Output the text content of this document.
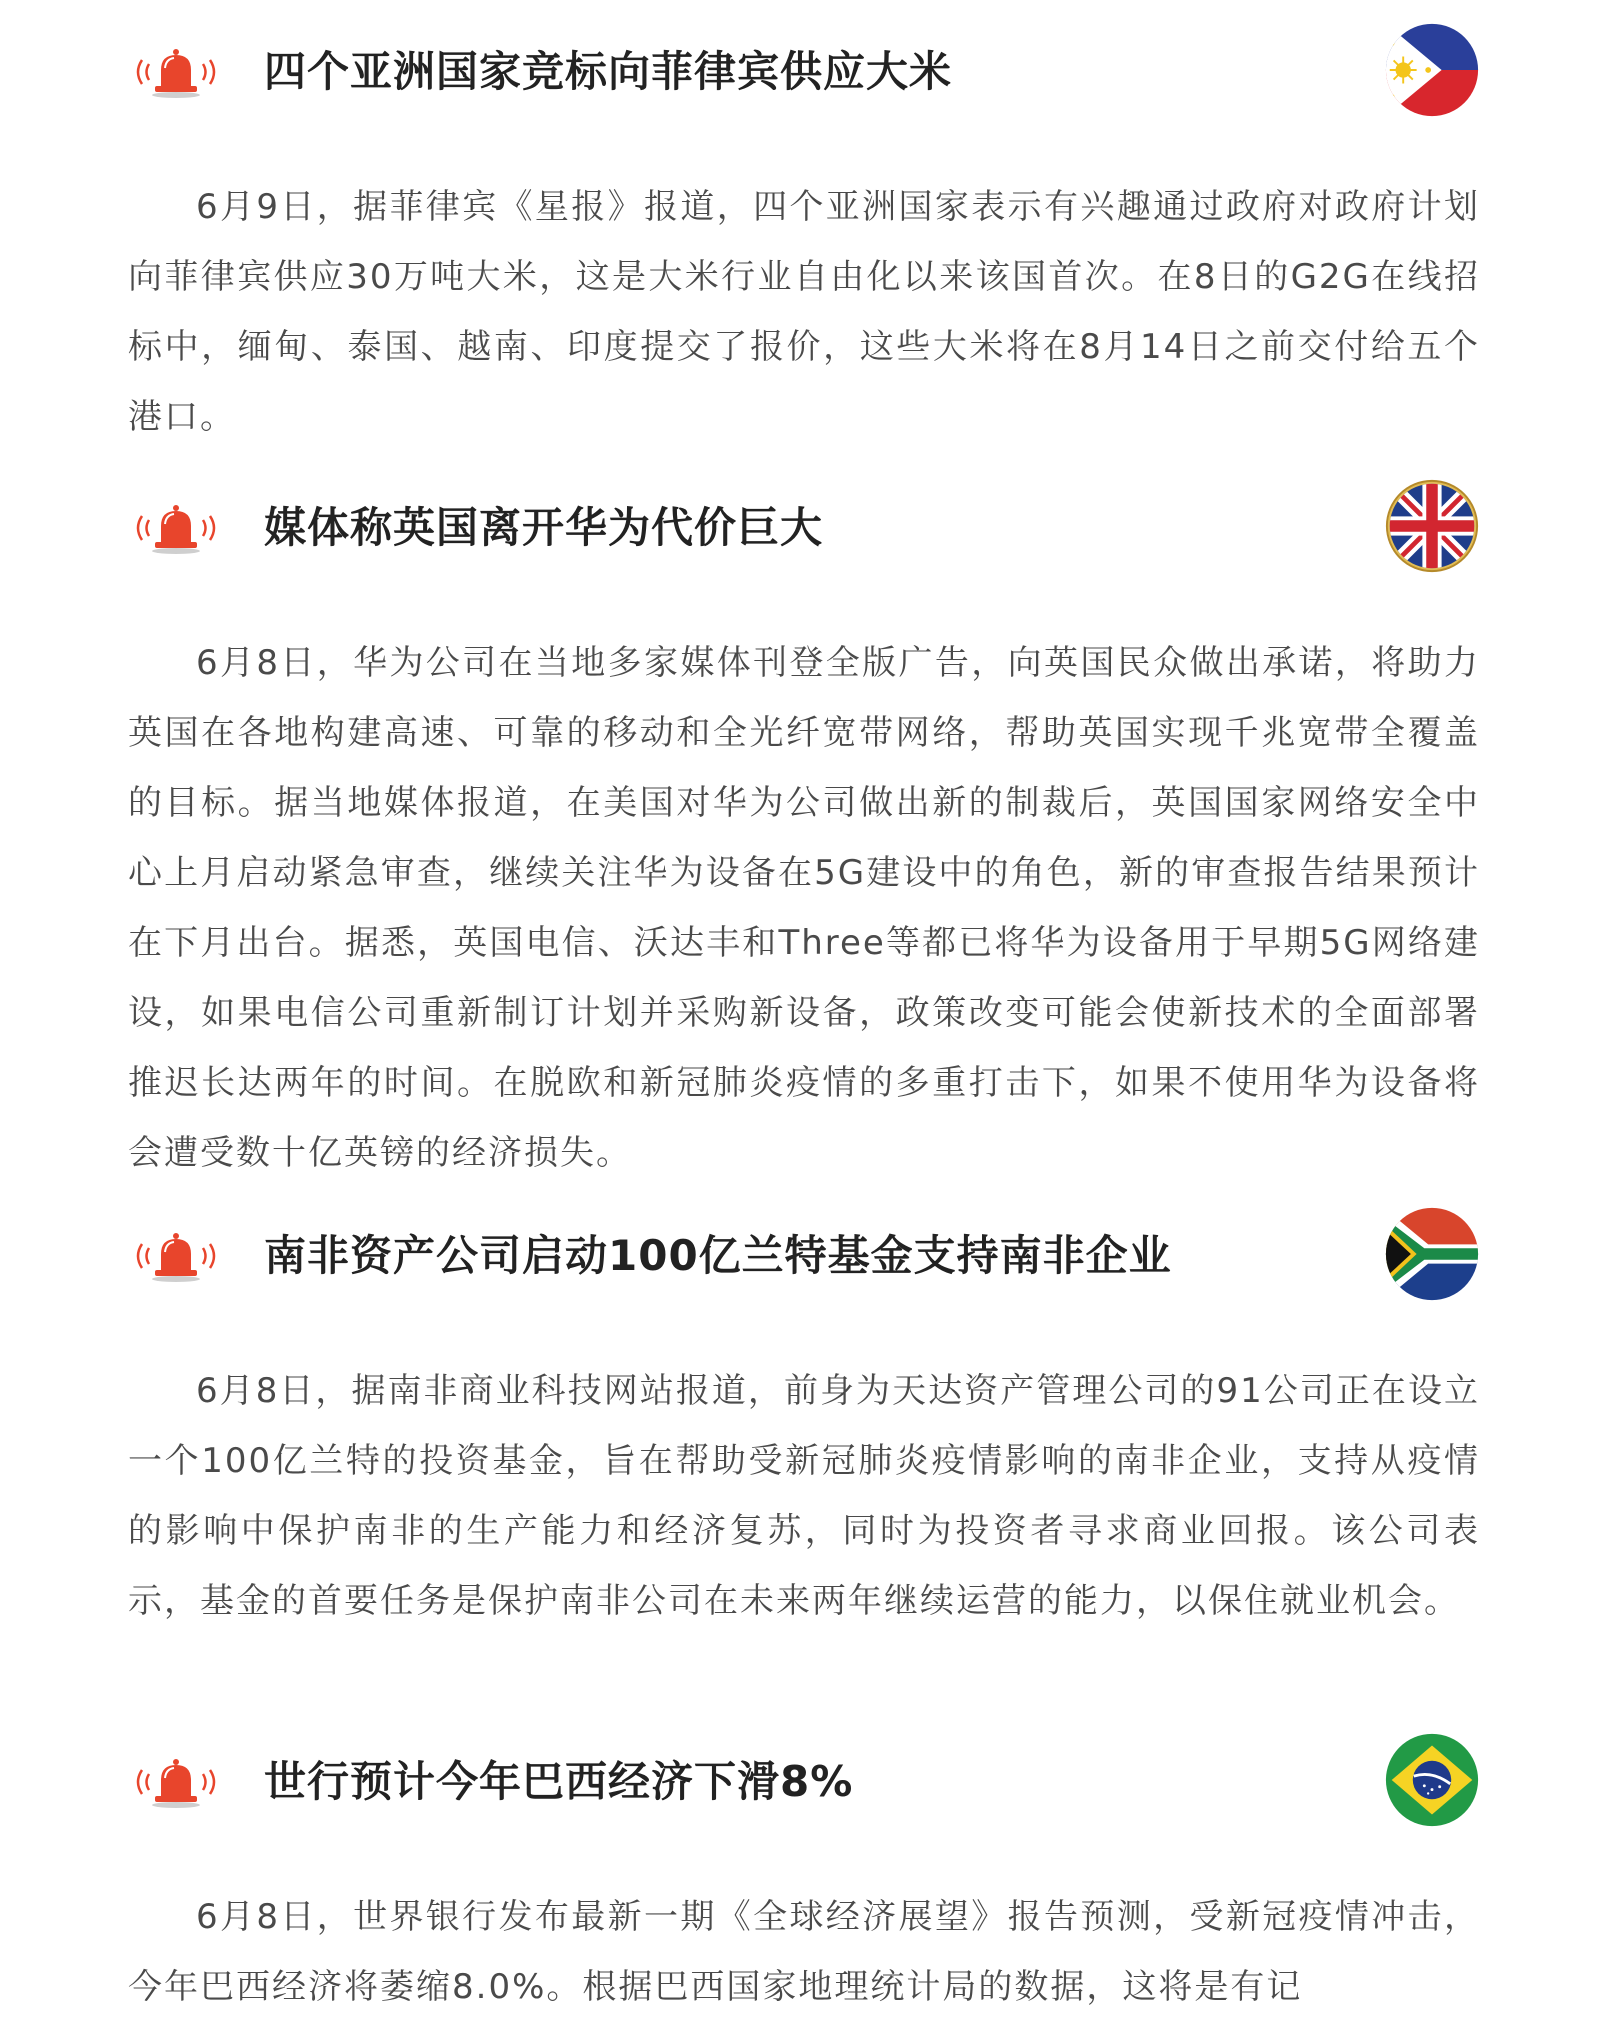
四个亚洲国家竞标向菲律宾供应大米

6月9日，据菲律宾《星报》报道，四个亚洲国家表示有兴趣通过政府对政府计划向菲律宾供应30万吨大米，这是大米行业自由化以来该国首次。在8日的G2G在线招标中，缅甸、泰国、越南、印度提交了报价，这些大米将在8月14日之前交付给五个港口。

媒体称英国离开华为代价巨大

6月8日，华为公司在当地多家媒体刊登全版广告，向英国民众做出承诺，将助力英国在各地构建高速、可靠的移动和全光纤宽带网络，帮助英国实现千兆宽带全覆盖的目标。据当地媒体报道，在美国对华为公司做出新的制裁后，英国国家网络安全中心上月启动紧急审查，继续关注华为设备在5G建设中的角色，新的审查报告结果预计在下月出台。据悉，英国电信、沃达丰和Three等都已将华为设备用于早期5G网络建设，如果电信公司重新制订计划并采购新设备，政策改变可能会使新技术的全面部署推迟长达两年的时间。在脱欧和新冠肺炎疫情的多重打击下，如果不使用华为设备将会遭受数十亿英镑的经济损失。

南非资产公司启动100亿兰特基金支持南非企业

6月8日，据南非商业科技网站报道，前身为天达资产管理公司的91公司正在设立一个100亿兰特的投资基金，旨在帮助受新冠肺炎疫情影响的南非企业，支持从疫情的影响中保护南非的生产能力和经济复苏，同时为投资者寻求商业回报。该公司表示，基金的首要任务是保护南非公司在未来两年继续运营的能力，以保住就业机会。

世行预计今年巴西经济下滑8%

6月8日，世界银行发布最新一期《全球经济展望》报告预测，受新冠疫情冲击，今年巴西经济将萎缩8.0%。根据巴西国家地理统计局的数据，这将是有记
